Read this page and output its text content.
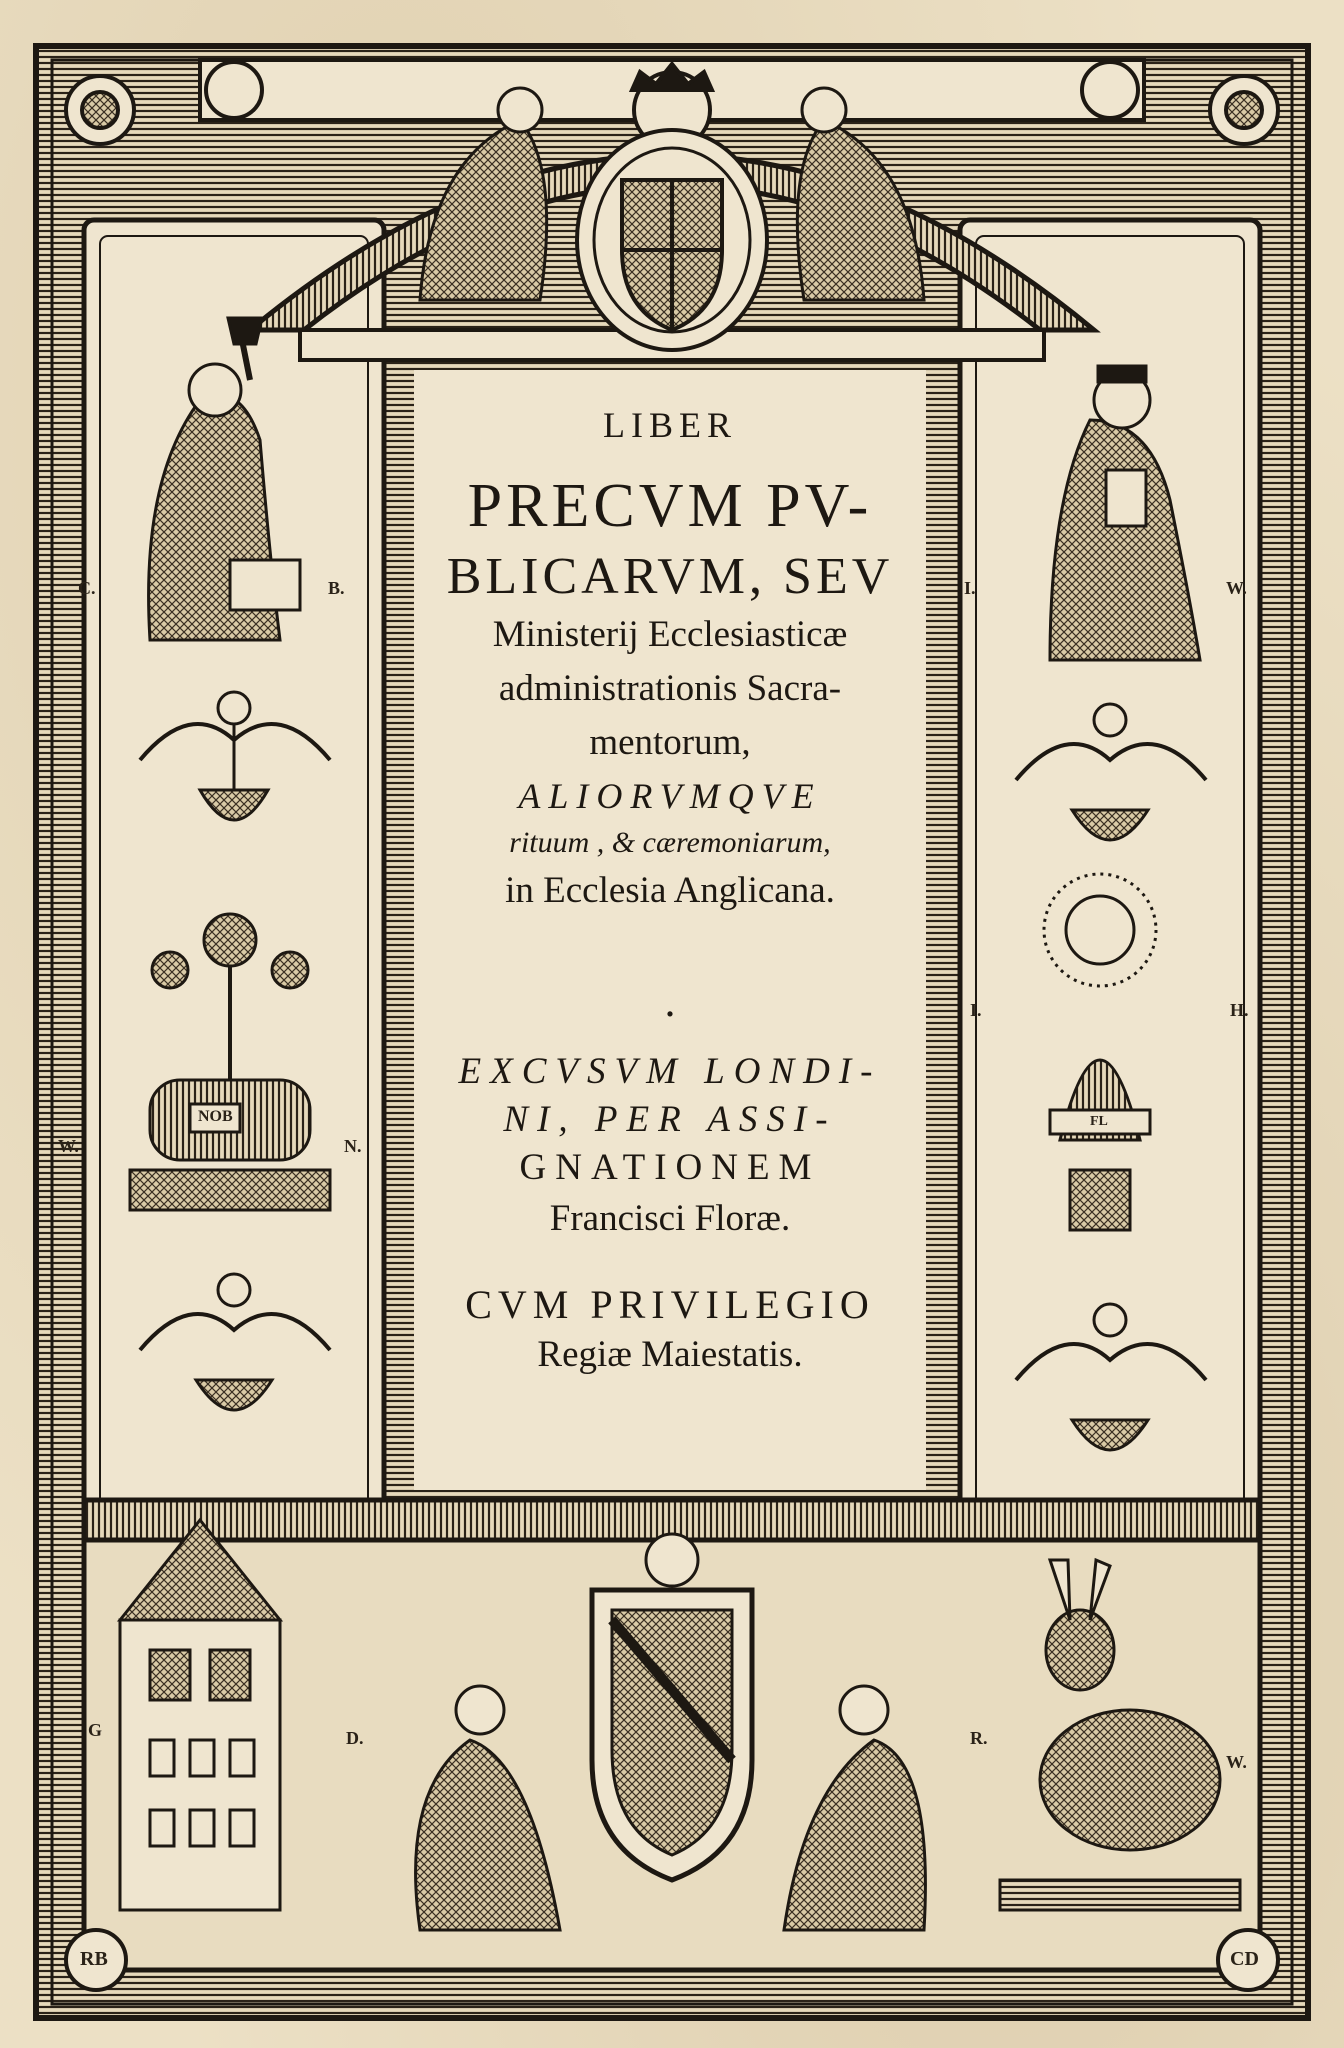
C.	B.	I.	W.
I.	H.
W.	N.
G	D.	R.
W.
NOB	FL
RB	CD
LIBER
PRECVM PV-
BLICARVM, SEV
Ministerij Ecclesiasticæ
administrationis Sacra-
mentorum,
ALIORVMQVE
rituum , & cæremoniarum,
in Ecclesia Anglicana.
.
EXCVSVM LONDI-
NI, PER ASSI-
GNATIONEM
Francisci Floræ.
CVM PRIVILEGIO
Regiæ Maiestatis.
